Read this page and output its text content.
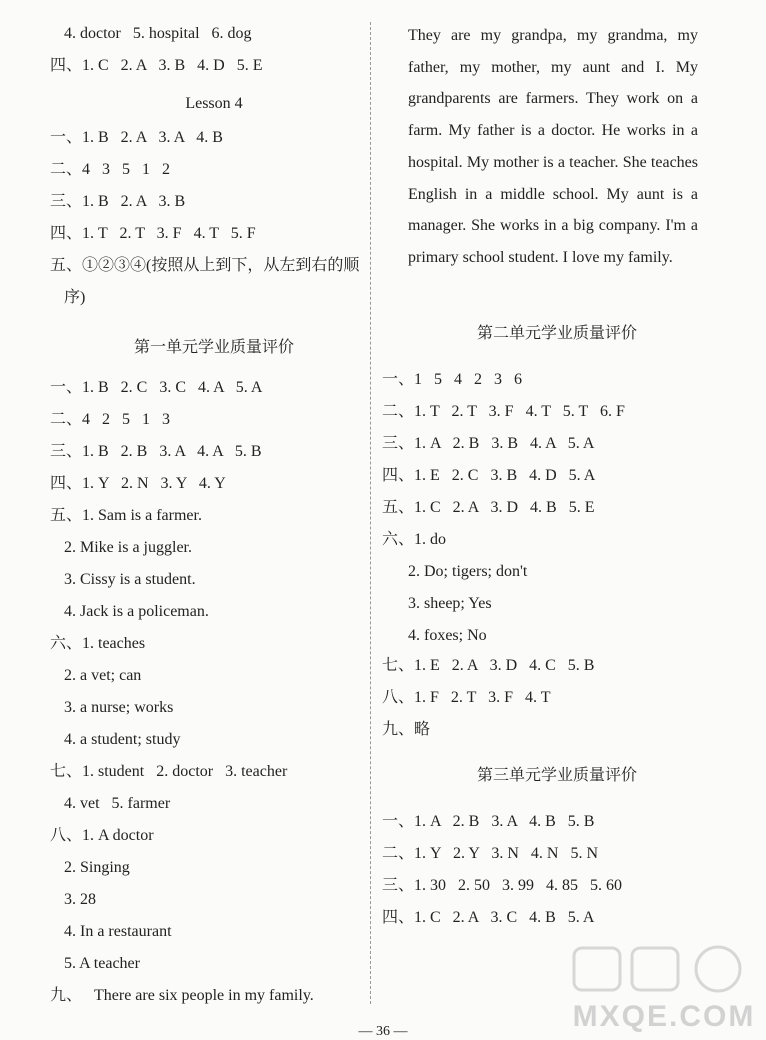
4. doctor   5. hospital   6. dog
四、1. C   2. A   3. B   4. D   5. E
Lesson 4
一、1. B   2. A   3. A   4. B
二、4   3   5   1   2
三、1. B   2. A   3. B
四、1. T   2. T   3. F   4. T   5. F
五、①②③④(按照从上到下，从左到右的顺
序)
第一单元学业质量评价
一、1. B   2. C   3. C   4. A   5. A
二、4   2   5   1   3
三、1. B   2. B   3. A   4. A   5. B
四、1. Y   2. N   3. Y   4. Y
五、1. Sam is a farmer.
2. Mike is a juggler.
3. Cissy is a student.
4. Jack is a policeman.
六、1. teaches
2. a vet; can
3. a nurse; works
4. a student; study
七、1. student   2. doctor   3. teacher
4. vet   5. farmer
八、1. A doctor
2. Singing
3. 28
4. In a restaurant
5. A teacher
九、   There are six people in my family.
They are my grandpa, my grandma, my father, my mother, my aunt and I. My grandparents are farmers. They work on a farm. My father is a doctor. He works in a hospital. My mother is a teacher. She teaches English in a middle school. My aunt is a manager. She works in a big company. I'm a primary school student. I love my family.
第二单元学业质量评价
一、1   5   4   2   3   6
二、1. T   2. T   3. F   4. T   5. T   6. F
三、1. A   2. B   3. B   4. A   5. A
四、1. E   2. C   3. B   4. D   5. A
五、1. C   2. A   3. D   4. B   5. E
六、1. do
2. Do; tigers; don't
3. sheep; Yes
4. foxes; No
七、1. E   2. A   3. D   4. C   5. B
八、1. F   2. T   3. F   4. T
九、略
第三单元学业质量评价
一、1. A   2. B   3. A   4. B   5. B
二、1. Y   2. Y   3. N   4. N   5. N
三、1. 30   2. 50   3. 99   4. 85   5. 60
四、1. C   2. A   3. C   4. B   5. A
— 36 —	MXQE.COM
